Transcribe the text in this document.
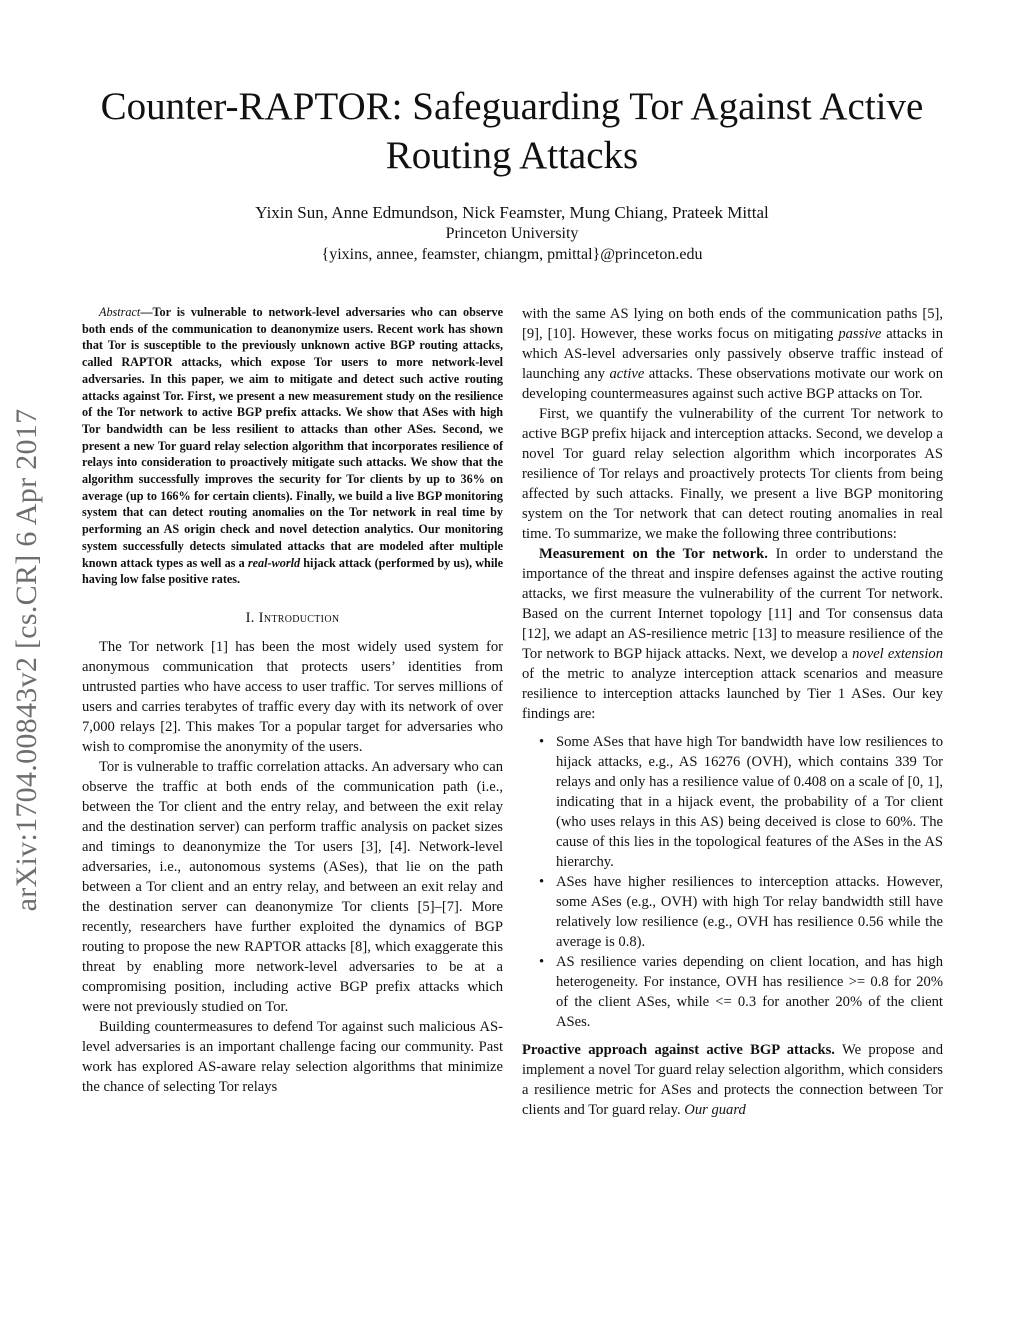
arXiv:1704.00843v2 [cs.CR] 6 Apr 2017
Counter-RAPTOR: Safeguarding Tor Against Active
Routing Attacks
Yixin Sun, Anne Edmundson, Nick Feamster, Mung Chiang, Prateek Mittal
Princeton University
{yixins, annee, feamster, chiangm, pmittal}@princeton.edu

Abstract—Tor is vulnerable to network-level adversaries who can observe both ends of the communication to deanonymize users. Recent work has shown that Tor is susceptible to the previously unknown active BGP routing attacks, called RAPTOR attacks, which expose Tor users to more network-level adversaries. In this paper, we aim to mitigate and detect such active routing attacks against Tor. First, we present a new measurement study on the resilience of the Tor network to active BGP prefix attacks. We show that ASes with high Tor bandwidth can be less resilient to attacks than other ASes. Second, we present a new Tor guard relay selection algorithm that incorporates resilience of relays into consideration to proactively mitigate such attacks. We show that the algorithm successfully improves the security for Tor clients by up to 36% on average (up to 166% for certain clients). Finally, we build a live BGP monitoring system that can detect routing anomalies on the Tor network in real time by performing an AS origin check and novel detection analytics. Our monitoring system successfully detects simulated attacks that are modeled after multiple known attack types as well as a real-world hijack attack (performed by us), while having low false positive rates.

I. Introduction

The Tor network [1] has been the most widely used system for anonymous communication that protects users’ identities from untrusted parties who have access to user traffic. Tor serves millions of users and carries terabytes of traffic every day with its network of over 7,000 relays [2]. This makes Tor a popular target for adversaries who wish to compromise the anonymity of the users.

Tor is vulnerable to traffic correlation attacks. An adversary who can observe the traffic at both ends of the communication path (i.e., between the Tor client and the entry relay, and between the exit relay and the destination server) can perform traffic analysis on packet sizes and timings to deanonymize the Tor users [3], [4]. Network-level adversaries, i.e., autonomous systems (ASes), that lie on the path between a Tor client and an entry relay, and between an exit relay and the destination server can deanonymize Tor clients [5]–[7]. More recently, researchers have further exploited the dynamics of BGP routing to propose the new RAPTOR attacks [8], which exaggerate this threat by enabling more network-level adversaries to be at a compromising position, including active BGP prefix attacks which were not previously studied on Tor.

Building countermeasures to defend Tor against such malicious AS-level adversaries is an important challenge facing our community. Past work has explored AS-aware relay selection algorithms that minimize the chance of selecting Tor relays

with the same AS lying on both ends of the communication paths [5], [9], [10]. However, these works focus on mitigating passive attacks in which AS-level adversaries only passively observe traffic instead of launching any active attacks. These observations motivate our work on developing countermeasures against such active BGP attacks on Tor.

First, we quantify the vulnerability of the current Tor network to active BGP prefix hijack and interception attacks. Second, we develop a novel Tor guard relay selection algorithm which incorporates AS resilience of Tor relays and proactively protects Tor clients from being affected by such attacks. Finally, we present a live BGP monitoring system on the Tor network that can detect routing anomalies in real time. To summarize, we make the following three contributions:

Measurement on the Tor network. In order to understand the importance of the threat and inspire defenses against the active routing attacks, we first measure the vulnerability of the current Tor network. Based on the current Internet topology [11] and Tor consensus data [12], we adapt an AS-resilience metric [13] to measure resilience of the Tor network to BGP hijack attacks. Next, we develop a novel extension of the metric to analyze interception attack scenarios and measure resilience to interception attacks launched by Tier 1 ASes. Our key findings are:

• Some ASes that have high Tor bandwidth have low resiliences to hijack attacks, e.g., AS 16276 (OVH), which contains 339 Tor relays and only has a resilience value of 0.408 on a scale of [0, 1], indicating that in a hijack event, the probability of a Tor client (who uses relays in this AS) being deceived is close to 60%. The cause of this lies in the topological features of the ASes in the AS hierarchy.
• ASes have higher resiliences to interception attacks. However, some ASes (e.g., OVH) with high Tor relay bandwidth still have relatively low resilience (e.g., OVH has resilience 0.56 while the average is 0.8).
• AS resilience varies depending on client location, and has high heterogeneity. For instance, OVH has resilience >= 0.8 for 20% of the client ASes, while <= 0.3 for another 20% of the client ASes.

Proactive approach against active BGP attacks. We propose and implement a novel Tor guard relay selection algorithm, which considers a resilience metric for ASes and protects the connection between Tor clients and Tor guard relay. Our guard
